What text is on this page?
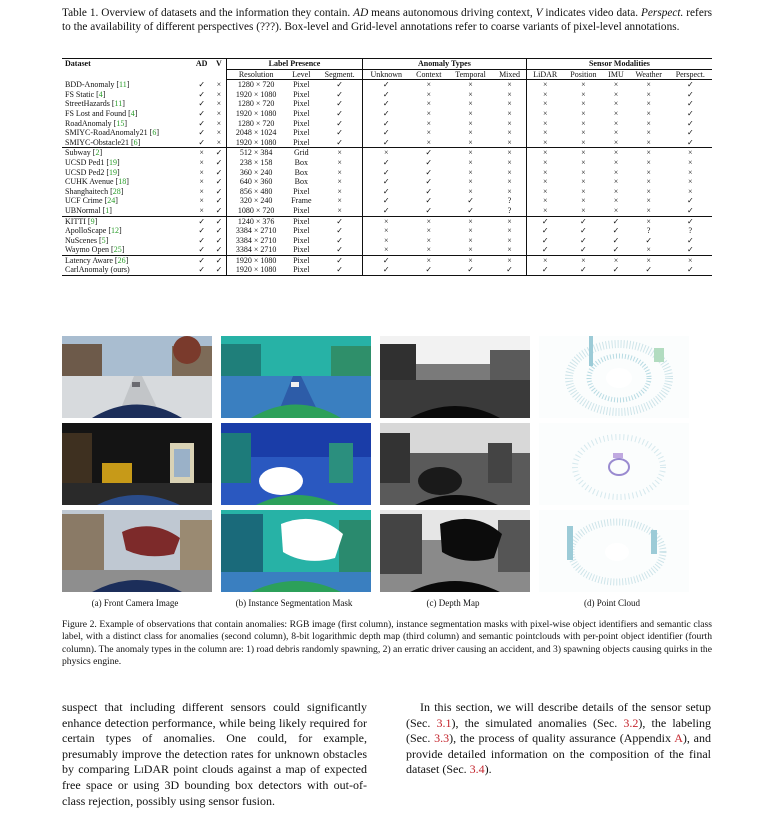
Table 1. Overview of datasets and the information they contain. AD means autonomous driving context, V indicates video data. Perspect. refers to the availability of different perspectives (???). Box-level and Grid-level annotations refer to coarse variants of pixel-level annotations.
Dataset	AD	V	Label Presence			Anomaly Types				Sensor Modalities				
			Resolution	Level	Segment.	Unknown	Context	Temporal	Mixed	LiDAR	Position	IMU	Weather	Perspect.
BDD-Anomaly [11]	✓	×	1280 × 720	Pixel	✓	✓	×	×	×	×	×	×	×	✓
FS Static [4]	✓	×	1920 × 1080	Pixel	✓	✓	×	×	×	×	×	×	×	✓
StreetHazards [11]	✓	×	1280 × 720	Pixel	✓	✓	×	×	×	×	×	×	×	✓
FS Lost and Found [4]	✓	×	1920 × 1080	Pixel	✓	✓	×	×	×	×	×	×	×	✓
RoadAnomaly [15]	✓	×	1280 × 720	Pixel	✓	✓	×	×	×	×	×	×	×	✓
SMIYC-RoadAnomaly21 [6]	✓	×	2048 × 1024	Pixel	✓	✓	×	×	×	×	×	×	×	✓
SMIYC-Obstacle21 [6]	✓	×	1920 × 1080	Pixel	✓	✓	×	×	×	×	×	×	×	✓
Subway [2]	×	✓	512 × 384	Grid	×	×	✓	×	×	×	×	×	×	×
UCSD Ped1 [19]	×	✓	238 × 158	Box	×	✓	✓	×	×	×	×	×	×	×
UCSD Ped2 [19]	×	✓	360 × 240	Box	×	✓	✓	×	×	×	×	×	×	×
CUHK Avenue [18]	×	✓	640 × 360	Box	×	✓	✓	×	×	×	×	×	×	×
Shanghaitech [28]	×	✓	856 × 480	Pixel	×	✓	✓	×	×	×	×	×	×	×
UCF Crime [24]	×	✓	320 × 240	Frame	×	✓	✓	✓	?	×	×	×	×	✓
UBNormal [1]	×	✓	1080 × 720	Pixel	×	✓	✓	✓	?	×	×	×	×	✓
KITTI [9]	✓	✓	1240 × 376	Pixel	✓	×	×	×	×	✓	✓	✓	×	✓
ApolloScape [12]	✓	✓	3384 × 2710	Pixel	✓	×	×	×	×	✓	✓	✓	?	?
NuScenes [5]	✓	✓	3384 × 2710	Pixel	✓	×	×	×	×	✓	✓	✓	✓	✓
Waymo Open [25]	✓	✓	3384 × 2710	Pixel	✓	×	×	×	×	✓	✓	✓	×	✓
Latency Aware [26]	✓	✓	1920 × 1080	Pixel	✓	✓	×	×	×	×	×	×	×	×
CarlAnomaly (ours)	✓	✓	1920 × 1080	Pixel	✓	✓	✓	✓	✓	✓	✓	✓	✓	✓
(a) Front Camera Image	(b) Instance Segmentation Mask	(c) Depth Map	(d) Point Cloud
Figure 2. Example of observations that contain anomalies: RGB image (first column), instance segmentation masks with pixel-wise object identifiers and semantic class label, with a distinct class for anomalies (second column), 8-bit logarithmic depth map (third column) and semantic pointclouds with per-point object identifier (fourth column). The anomaly types in the column are: 1) road debris randomly spawning, 2) an erratic driver causing an accident, and 3) spawning objects causing quirks in the physics engine.
suspect that including different sensors could significantly enhance detection performance, while being likely required for certain types of anomalies. One could, for example, presumably improve the detection rates for unknown obstacles by comparing LiDAR point clouds against a map of expected free space or using 3D bounding box detectors with out-of-class rejection, possibly using sensor fusion.
In this section, we will describe details of the sensor setup (Sec. 3.1), the simulated anomalies (Sec. 3.2), the labeling (Sec. 3.3), the process of quality assurance (Appendix A), and provide detailed information on the composition of the final dataset (Sec. 3.4).
